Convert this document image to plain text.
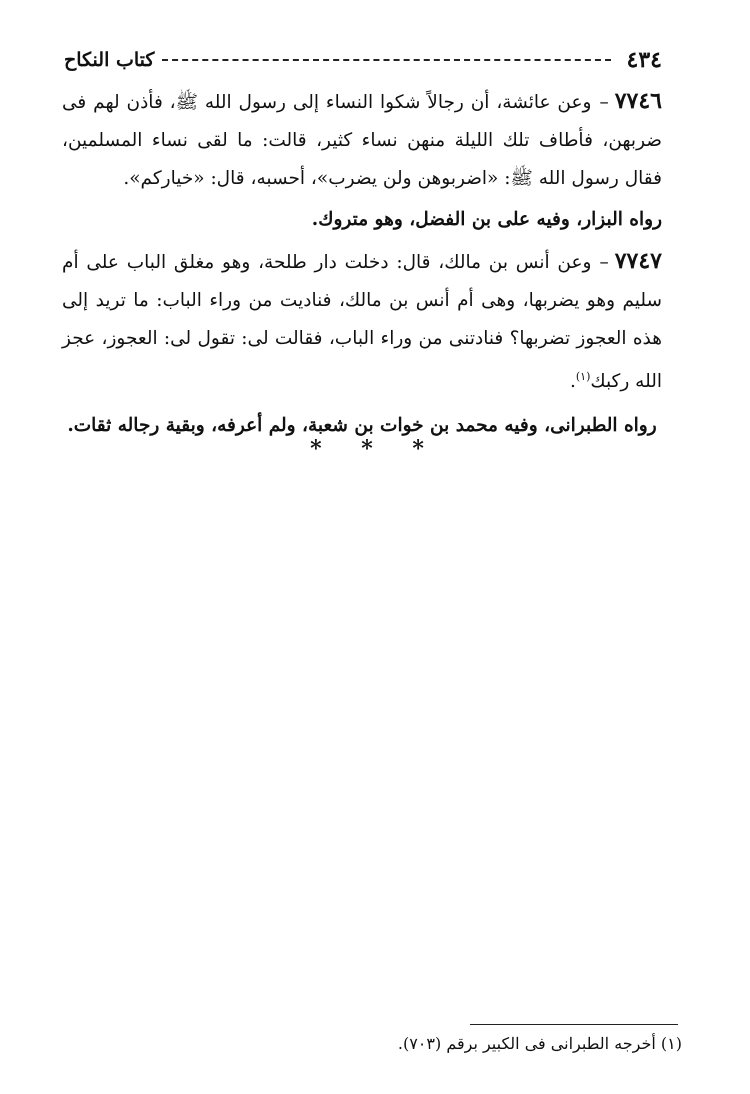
٤٣٤
كتاب النكاح

٧٧٤٦–وعن عائشة، أن رجالاً شكوا النساء إلى رسول الله ﷺ، فأذن لهم فى ضربهن، فأطاف تلك الليلة منهن نساء كثير، قالت: ما لقى نساء المسلمين، فقال رسول الله ﷺ: «اضربوهن ولن يضرب»، أحسبه، قال: «خياركم».

رواه البزار، وفيه على بن الفضل، وهو متروك.

٧٧٤٧–وعن أنس بن مالك، قال: دخلت دار طلحة، وهو مغلق الباب على أم سليم وهو يضربها، وهى أم أنس بن مالك، فناديت من وراء الباب: ما تريد إلى هذه العجوز تضربها؟ فنادتنى من وراء الباب، فقالت لى: تقول لى: العجوز، عجز الله ركبك$^{(١)}$.

رواه الطبرانى، وفيه محمد بن خوات بن شعبة، ولم أعرفه، وبقية رجاله ثقات.

* * *
(١) أخرجه الطبرانى فى الكبير برقم (٧٠٣).
